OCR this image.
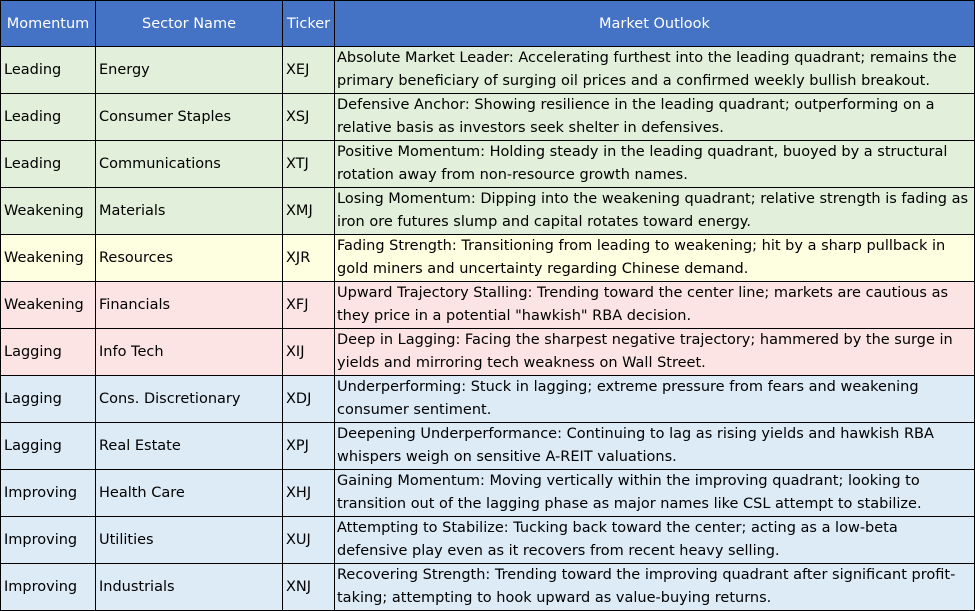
Momentum	Sector Name	Ticker	Market Outlook
Leading	Energy	XEJ	Absolute Market Leader: Accelerating furthest into the leading quadrant; remains the primary beneficiary of surging oil prices and a confirmed weekly bullish breakout.
Leading	Consumer Staples	XSJ	Defensive Anchor: Showing resilience in the leading quadrant; outperforming on a relative basis as investors seek shelter in defensives.
Leading	Communications	XTJ	Positive Momentum: Holding steady in the leading quadrant, buoyed by a structural rotation away from non-resource growth names.
Weakening	Materials	XMJ	Losing Momentum: Dipping into the weakening quadrant; relative strength is fading as iron ore futures slump and capital rotates toward energy.
Weakening	Resources	XJR	Fading Strength: Transitioning from leading to weakening; hit by a sharp pullback in gold miners and uncertainty regarding Chinese demand.
Weakening	Financials	XFJ	Upward Trajectory Stalling: Trending toward the center line; markets are cautious as they price in a potential "hawkish" RBA decision.
Lagging	Info Tech	XIJ	Deep in Lagging: Facing the sharpest negative trajectory; hammered by the surge in yields and mirroring tech weakness on Wall Street.
Lagging	Cons. Discretionary	XDJ	Underperforming: Stuck in lagging; extreme pressure from fears and weakening consumer sentiment.
Lagging	Real Estate	XPJ	Deepening Underperformance: Continuing to lag as rising yields and hawkish RBA whispers weigh on sensitive A-REIT valuations.
Improving	Health Care	XHJ	Gaining Momentum: Moving vertically within the improving quadrant; looking to transition out of the lagging phase as major names like CSL attempt to stabilize.
Improving	Utilities	XUJ	Attempting to Stabilize: Tucking back toward the center; acting as a low-beta defensive play even as it recovers from recent heavy selling.
Improving	Industrials	XNJ	Recovering Strength: Trending toward the improving quadrant after significant profit-taking; attempting to hook upward as value-buying returns.
